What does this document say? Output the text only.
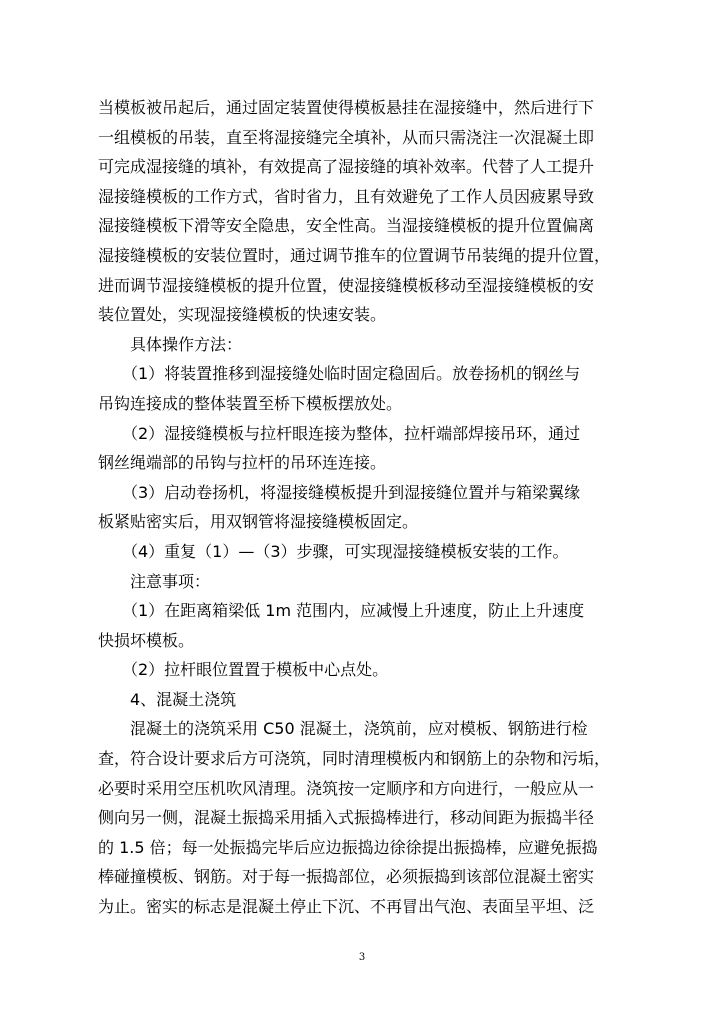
当模板被吊起后，通过固定装置使得模板悬挂在湿接缝中，然后进行下
一组模板的吊装，直至将湿接缝完全填补，从而只需浇注一次混凝土即
可完成湿接缝的填补，有效提高了湿接缝的填补效率。代替了人工提升
湿接缝模板的工作方式，省时省力，且有效避免了工作人员因疲累导致
湿接缝模板下滑等安全隐患，安全性高。当湿接缝模板的提升位置偏离
湿接缝模板的安装位置时，通过调节推车的位置调节吊装绳的提升位置，
进而调节湿接缝模板的提升位置，使湿接缝模板移动至湿接缝模板的安
装位置处，实现湿接缝模板的快速安装。
　　具体操作方法：
　　（1）将装置推移到湿接缝处临时固定稳固后。放卷扬机的钢丝与
吊钩连接成的整体装置至桥下模板摆放处。
　　（2）湿接缝模板与拉杆眼连接为整体，拉杆端部焊接吊环，通过
钢丝绳端部的吊钩与拉杆的吊环连连接。
　　（3）启动卷扬机，将湿接缝模板提升到湿接缝位置并与箱梁翼缘
板紧贴密实后，用双钢管将湿接缝模板固定。
　　（4）重复（1）—（3）步骤，可实现湿接缝模板安装的工作。
　　注意事项：
　　（1）在距离箱梁低 1m 范围内，应减慢上升速度，防止上升速度
快损坏模板。
　　（2）拉杆眼位置置于模板中心点处。
　　4、混凝土浇筑
　　混凝土的浇筑采用 C50 混凝土，浇筑前，应对模板、钢筋进行检
查，符合设计要求后方可浇筑，同时清理模板内和钢筋上的杂物和污垢，
必要时采用空压机吹风清理。浇筑按一定顺序和方向进行，一般应从一
侧向另一侧，混凝土振捣采用插入式振捣棒进行，移动间距为振捣半径
的 1.5 倍；每一处振捣完毕后应边振捣边徐徐提出振捣棒，应避免振捣
棒碰撞模板、钢筋。对于每一振捣部位，必须振捣到该部位混凝土密实
为止。密实的标志是混凝土停止下沉、不再冒出气泡、表面呈平坦、泛
3
